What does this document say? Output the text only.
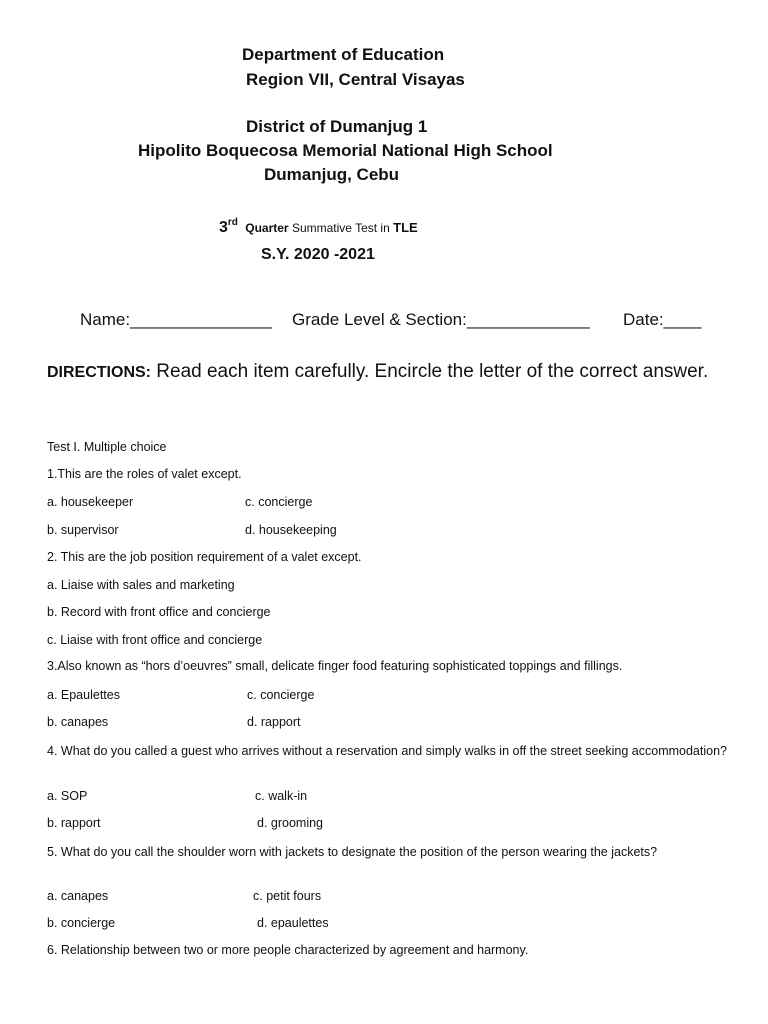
Department of Education
Region VII, Central Visayas
District of Dumanjug 1
Hipolito Boquecosa Memorial National High School
Dumanjug, Cebu
3rd Quarter Summative Test in TLE
S.Y. 2020 -2021
Name:_______________ Grade Level & Section:_____________ Date:____
DIRECTIONS: Read each item carefully. Encircle the letter of the correct answer.
Test I. Multiple choice
1.This are the roles of valet except.
a. housekeeper	c. concierge
b. supervisor	d. housekeeping
2. This are the job position requirement of a valet except.
a. Liaise with sales and marketing
b. Record with front office and concierge
c. Liaise with front office and concierge
3.Also known as “hors d’oeuvres” small, delicate finger food featuring sophisticated toppings and fillings.
a. Epaulettes	c. concierge
b. canapes	d. rapport
4. What do you called a guest who arrives without a reservation and simply walks in off the street seeking accommodation?
a. SOP	c. walk-in
b. rapport	d. grooming
5. What do you call the shoulder worn with jackets to designate the position of the person wearing the jackets?
a. canapes	c. petit fours
b. concierge	d. epaulettes
6. Relationship between two or more people characterized by agreement and harmony.
